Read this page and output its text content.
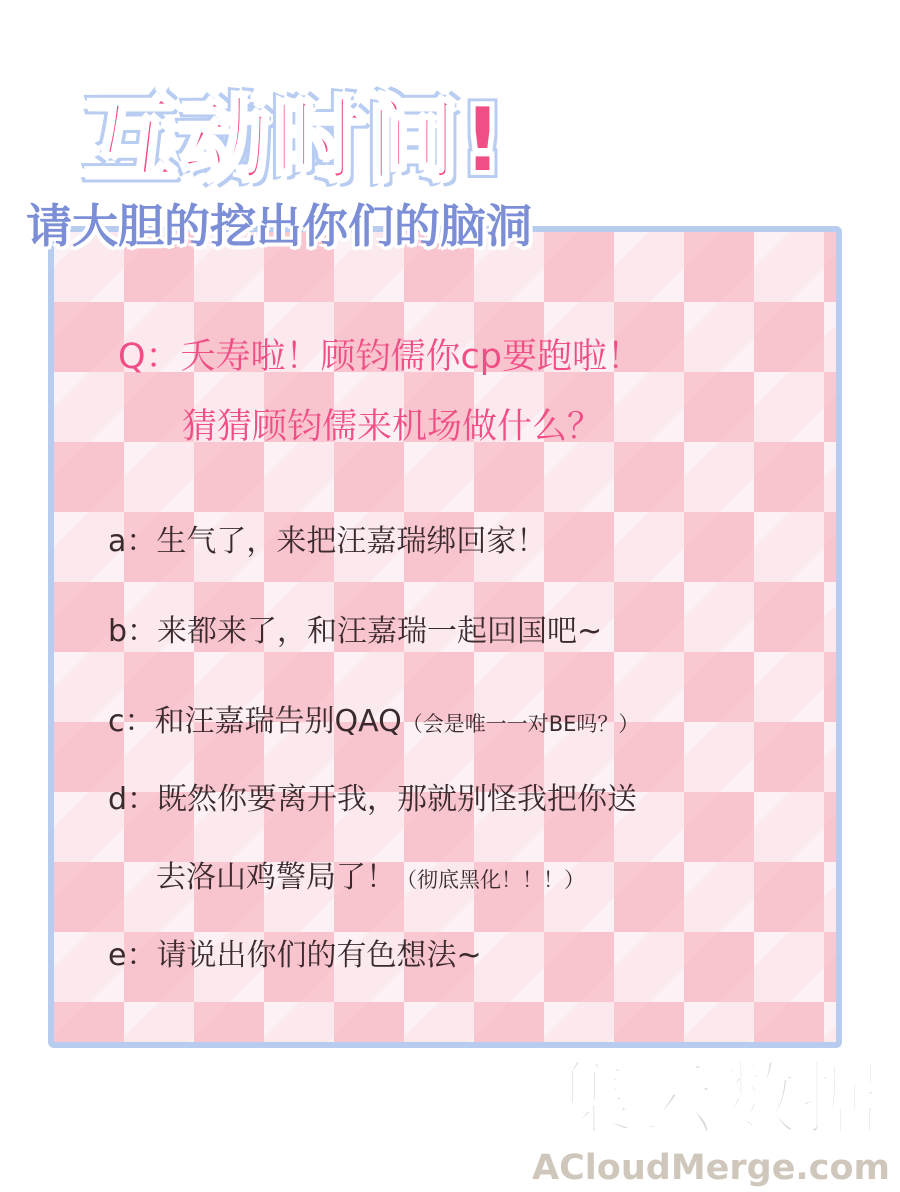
互动时间!
请大胆的挖出你们的脑洞
Q：夭寿啦！顾钧儒你cp要跑啦！
猜猜顾钧儒来机场做什么？
a：生气了，来把汪嘉瑞绑回家！
b：来都来了，和汪嘉瑞一起回国吧~
c：和汪嘉瑞告别QAQ（会是唯一一对BE吗？）
d：既然你要离开我，那就别怪我把你送
去洛山鸡警局了！（彻底黑化！！！）
e：请说出你们的有色想法~
集云数据
ACloudMerge.com
